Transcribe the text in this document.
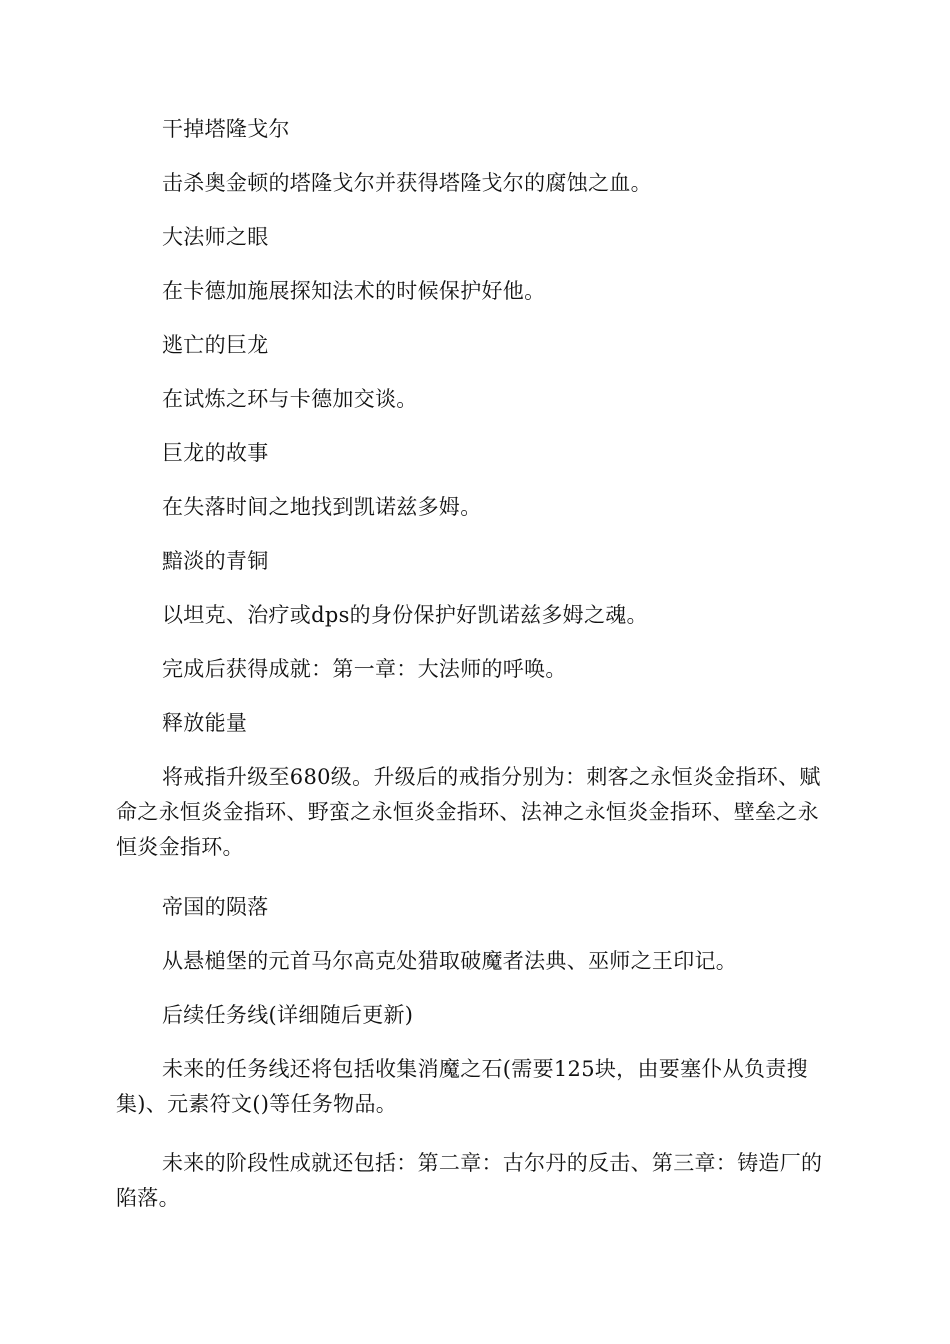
干掉塔隆戈尔

击杀奥金顿的塔隆戈尔并获得塔隆戈尔的腐蚀之血。

大法师之眼

在卡德加施展探知法术的时候保护好他。

逃亡的巨龙

在试炼之环与卡德加交谈。

巨龙的故事

在失落时间之地找到凯诺兹多姆。

黯淡的青铜

以坦克、治疗或dps的身份保护好凯诺兹多姆之魂。

完成后获得成就：第一章：大法师的呼唤。

释放能量

将戒指升级至680级。升级后的戒指分别为：刺客之永恒炎金指环、赋命之永恒炎金指环、野蛮之永恒炎金指环、法神之永恒炎金指环、壁垒之永恒炎金指环。

帝国的陨落

从悬槌堡的元首马尔高克处猎取破魔者法典、巫师之王印记。

后续任务线(详细随后更新)

未来的任务线还将包括收集消魔之石(需要125块，由要塞仆从负责搜集)、元素符文()等任务物品。

未来的阶段性成就还包括：第二章：古尔丹的反击、第三章：铸造厂的陷落。
